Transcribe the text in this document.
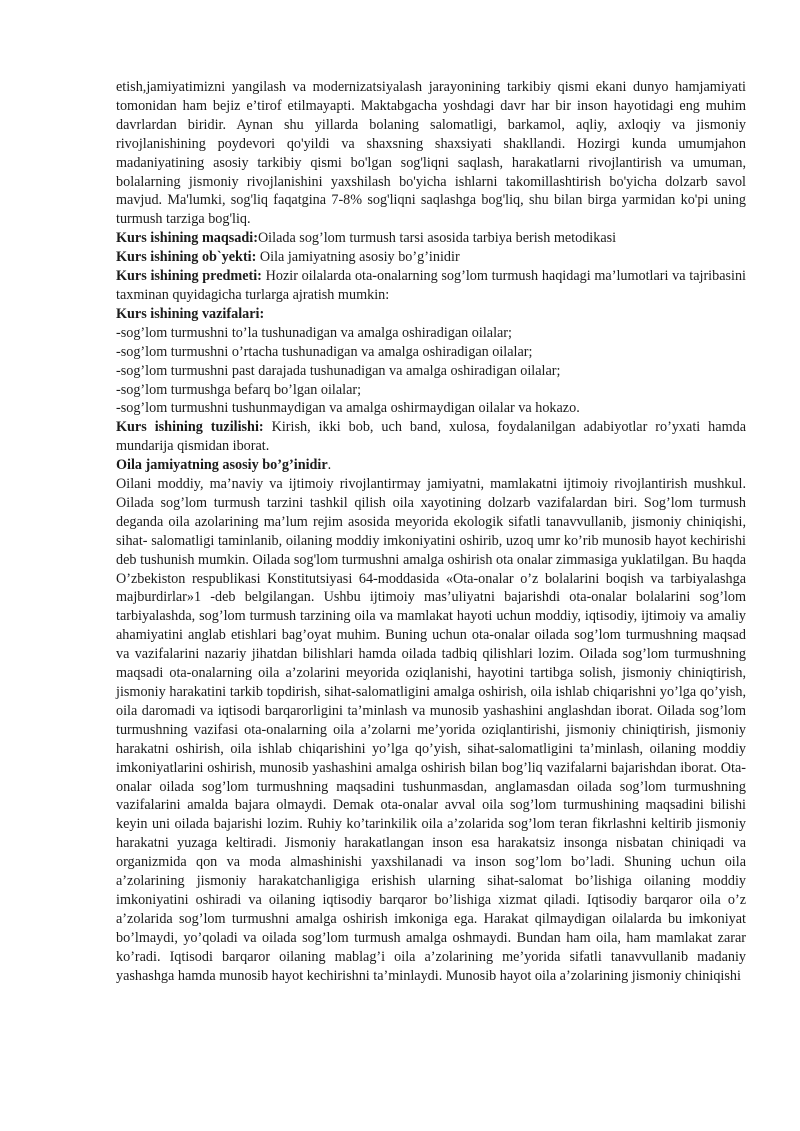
etish,jamiyatimizni yangilash va modernizatsiyalash jarayonining tarkibiy qismi ekani dunyo hamjamiyati tomonidan ham bejiz e’tirof etilmayapti. Maktabgacha yoshdagi davr har bir inson hayotidagi eng muhim davrlardan biridir. Aynan shu yillarda bolaning salomatligi, barkamol, aqliy, axloqiy va jismoniy rivojlanishining poydevori qo'yildi va shaxsning shaxsiyati shakllandi. Hozirgi kunda umumjahon madaniyatining asosiy tarkibiy qismi bo'lgan sog'liqni saqlash, harakatlarni rivojlantirish va umuman, bolalarning jismoniy rivojlanishini yaxshilash bo'yicha ishlarni takomillashtirish bo'yicha dolzarb savol mavjud. Ma'lumki, sog'liq faqatgina 7-8% sog'liqni saqlashga bog'liq, shu bilan birga yarmidan ko'pi uning turmush tarziga bog'liq.

Kurs ishining maqsadi:Oilada sog’lom turmush tarsi asosida tarbiya berish metodikasi

Kurs ishining ob`yekti: Oila jamiyatning asosiy bo’g’inidir

Kurs ishining predmeti: Hozir oilalarda ota-onalarning sog’lom turmush haqidagi ma’lumotlari va tajribasini taxminan quyidagicha turlarga ajratish mumkin:

Kurs ishining vazifalari:

-sog’lom turmushni to’la tushunadigan va amalga oshiradigan oilalar;

-sog’lom turmushni o’rtacha tushunadigan va amalga oshiradigan oilalar;

-sog’lom turmushni past darajada tushunadigan va amalga oshiradigan oilalar;

-sog’lom turmushga befarq bo’lgan oilalar;

-sog’lom turmushni tushunmaydigan va amalga oshirmaydigan oilalar va hokazo.

Kurs ishining tuzilishi: Kirish, ikki bob, uch band, xulosa, foydalanilgan adabiyotlar ro’yxati hamda mundarija qismidan iborat.

Oila jamiyatning asosiy bo’g’inidir.

Oilani moddiy, ma’naviy va ijtimoiy rivojlantirmay jamiyatni, mamlakatni ijtimoiy rivojlantirish mushkul. Oilada sog’lom turmush tarzini tashkil qilish oila xayotining dolzarb vazifalardan biri. Sog’lom turmush deganda oila azolarining ma’lum rejim asosida meyorida ekologik sifatli tanavvullanib, jismoniy chiniqishi, sihat- salomatligi taminlanib, oilaning moddiy imkoniyatini oshirib, uzoq umr ko’rib munosib hayot kechirishi deb tushunish mumkin. Oilada sog'lom turmushni amalga oshirish ota onalar zimmasiga yuklatilgan. Bu haqda O’zbekiston respublikasi Konstitutsiyasi 64-moddasida «Ota-onalar o’z bolalarini boqish va tarbiyalashga majburdirlar»1 -deb belgilangan. Ushbu ijtimoiy mas’uliyatni bajarishdi ota-onalar bolalarini sog’lom tarbiyalashda, sog’lom turmush tarzining oila va mamlakat hayoti uchun moddiy, iqtisodiy, ijtimoiy va amaliy ahamiyatini anglab etishlari bag’oyat muhim. Buning uchun ota-onalar oilada sog’lom turmushning maqsad va vazifalarini nazariy jihatdan bilishlari hamda oilada tadbiq qilishlari lozim. Oilada sog’lom turmushning maqsadi ota-onalarning oila a’zolarini meyorida oziqlanishi, hayotini tartibga solish, jismoniy chiniqtirish, jismoniy harakatini tarkib topdirish, sihat-salomatligini amalga oshirish, oila ishlab chiqarishni yo’lga qo’yish, oila daromadi va iqtisodi barqarorligini ta’minlash va munosib yashashini anglashdan iborat. Oilada sog’lom turmushning vazifasi ota-onalarning oila a’zolarni me’yorida oziqlantirishi, jismoniy chiniqtirish, jismoniy harakatni oshirish, oila ishlab chiqarishini yo’lga qo’yish, sihat-salomatligini ta’minlash, oilaning moddiy imkoniyatlarini oshirish, munosib yashashini amalga oshirish bilan bog’liq vazifalarni bajarishdan iborat. Ota-onalar oilada sog’lom turmushning maqsadini tushunmasdan, anglamasdan oilada sog’lom turmushning vazifalarini amalda bajara olmaydi. Demak ota-onalar avval oila sog’lom turmushining maqsadini bilishi keyin uni oilada bajarishi lozim. Ruhiy ko’tarinkilik oila a’zolarida sog’lom teran fikrlashni keltirib jismoniy harakatni yuzaga keltiradi. Jismoniy harakatlangan inson esa harakatsiz insonga nisbatan chiniqadi va organizmida qon va moda almashinishi yaxshilanadi va inson sog’lom bo’ladi. Shuning uchun oila a’zolarining jismoniy harakatchanligiga erishish ularning sihat-salomat bo’lishiga oilaning moddiy imkoniyatini oshiradi va oilaning iqtisodiy barqaror bo’lishiga xizmat qiladi. Iqtisodiy barqaror oila o’z a’zolarida sog’lom turmushni amalga oshirish imkoniga ega. Harakat qilmaydigan oilalarda bu imkoniyat bo’lmaydi, yo’qoladi va oilada sog’lom turmush amalga oshmaydi. Bundan ham oila, ham mamlakat zarar ko’radi. Iqtisodi barqaror oilaning mablag’i oila a’zolarining me’yorida sifatli tanavvullanib madaniy yashashga hamda munosib hayot kechirishni ta’minlaydi. Munosib hayot oila a’zolarining jismoniy chiniqishi
